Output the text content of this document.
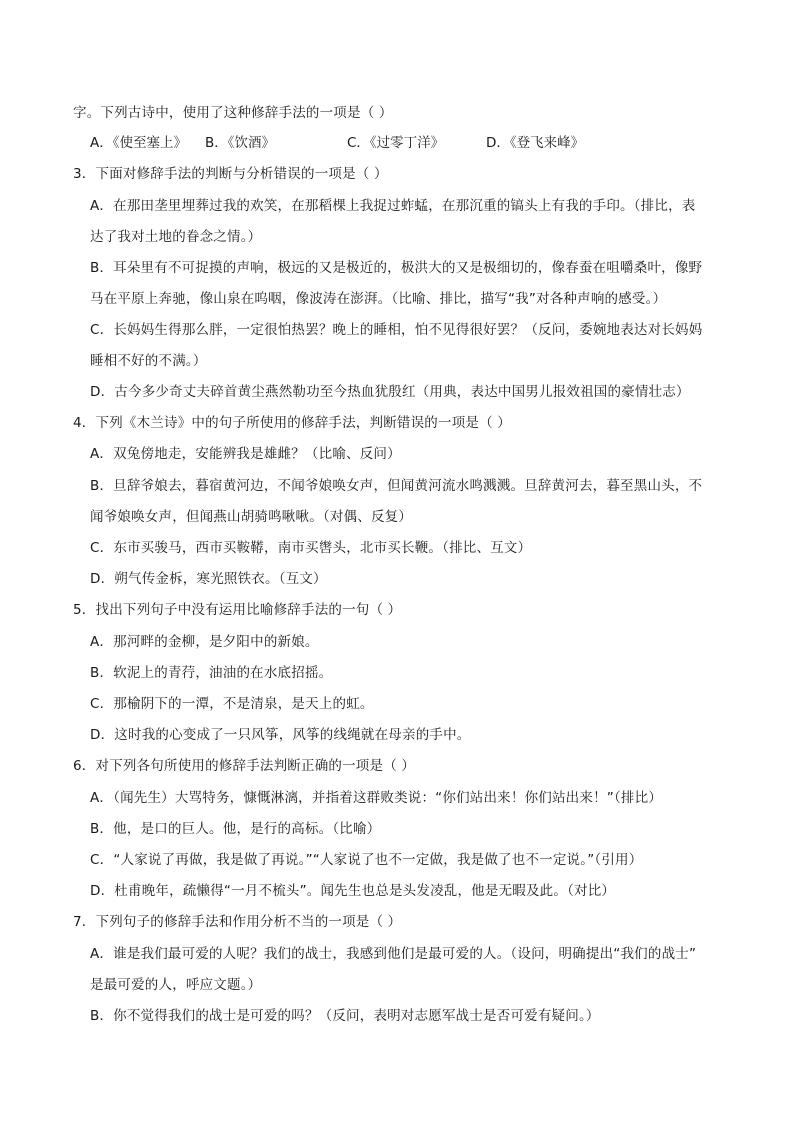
字。下列古诗中，使用了这种修辞手法的一项是（ ）
A．《使至塞上》 B．《饮酒》	C．《过零丁洋》	D．《登飞来峰》
3．下面对修辞手法的判断与分析错误的一项是（ ）
A．在那田垄里埋葬过我的欢笑，在那稻棵上我捉过蚱蜢，在那沉重的镐头上有我的手印。（排比，表
达了我对土地的眷念之情。）
B．耳朵里有不可捉摸的声响，极远的又是极近的，极洪大的又是极细切的，像春蚕在咀嚼桑叶，像野
马在平原上奔驰，像山泉在呜咽，像波涛在澎湃。（比喻、排比，描写“我”对各种声响的感受。）
C．长妈妈生得那么胖，一定很怕热罢？晚上的睡相，怕不见得很好罢？（反问，委婉地表达对长妈妈
睡相不好的不满。）
D．古今多少奇丈夫碎首黄尘燕然勒功至今热血犹殷红（用典，表达中国男儿报效祖国的豪情壮志）
4．下列《木兰诗》中的句子所使用的修辞手法，判断错误的一项是（ ）
A．双兔傍地走，安能辨我是雄雌？（比喻、反问）
B．旦辞爷娘去，暮宿黄河边，不闻爷娘唤女声，但闻黄河流水鸣溅溅。旦辞黄河去，暮至黑山头，不
闻爷娘唤女声，但闻燕山胡骑鸣啾啾。（对偶、反复）
C．东市买骏马，西市买鞍鞯，南市买辔头，北市买长鞭。（排比、互文）
D．朔气传金柝，寒光照铁衣。（互文）
5．找出下列句子中没有运用比喻修辞手法的一句（ ）
A．那河畔的金柳，是夕阳中的新娘。
B．软泥上的青荇，油油的在水底招摇。
C．那榆阴下的一潭，不是清泉，是天上的虹。
D．这时我的心变成了一只风筝，风筝的线绳就在母亲的手中。
6．对下列各句所使用的修辞手法判断正确的一项是（ ）
A．（闻先生）大骂特务，慷慨淋漓，并指着这群败类说：“你们站出来！你们站出来！”（排比）
B．他，是口的巨人。他，是行的高标。（比喻）
C．“人家说了再做，我是做了再说。”“人家说了也不一定做，我是做了也不一定说。”（引用）
D．杜甫晚年，疏懒得“一月不梳头”。闻先生也总是头发凌乱，他是无暇及此。（对比）
7．下列句子的修辞手法和作用分析不当的一项是（ ）
A．谁是我们最可爱的人呢？我们的战士，我感到他们是最可爱的人。（设问，明确提出“我们的战士”
是最可爱的人，呼应文题。）
B．你不觉得我们的战士是可爱的吗？（反问，表明对志愿军战士是否可爱有疑问。）
